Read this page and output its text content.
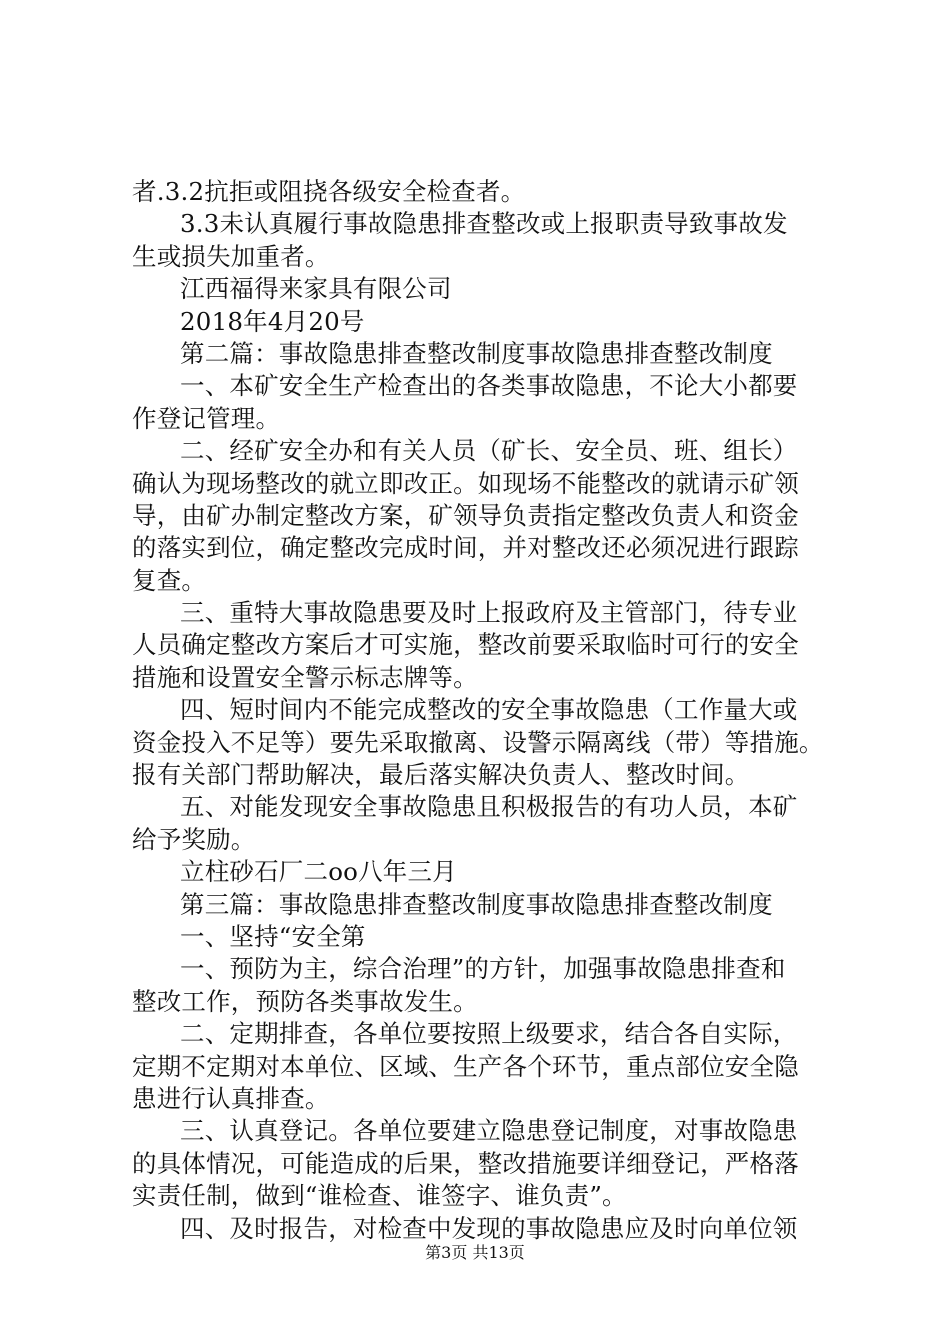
者.3.2抗拒或阻挠各级安全检查者。
3.3未认真履行事故隐患排查整改或上报职责导致事故发
生或损失加重者。
江西福得来家具有限公司
2018年4月20号
第二篇：事故隐患排查整改制度事故隐患排查整改制度
一、本矿安全生产检查出的各类事故隐患，不论大小都要
作登记管理。
二、经矿安全办和有关人员（矿长、安全员、班、组长）
确认为现场整改的就立即改正。如现场不能整改的就请示矿领
导，由矿办制定整改方案，矿领导负责指定整改负责人和资金
的落实到位，确定整改完成时间，并对整改还必须况进行跟踪
复查。
三、重特大事故隐患要及时上报政府及主管部门，待专业
人员确定整改方案后才可实施，整改前要采取临时可行的安全
措施和设置安全警示标志牌等。
四、短时间内不能完成整改的安全事故隐患（工作量大或
资金投入不足等）要先采取撤离、设警示隔离线（带）等措施。
报有关部门帮助解决，最后落实解决负责人、整改时间。
五、对能发现安全事故隐患且积极报告的有功人员，本矿
给予奖励。
立柱砂石厂二oo八年三月
第三篇：事故隐患排查整改制度事故隐患排查整改制度
一、坚持“安全第
一、预防为主，综合治理”的方针，加强事故隐患排查和
整改工作，预防各类事故发生。
二、定期排查，各单位要按照上级要求，结合各自实际，
定期不定期对本单位、区域、生产各个环节，重点部位安全隐
患进行认真排查。
三、认真登记。各单位要建立隐患登记制度，对事故隐患
的具体情况，可能造成的后果，整改措施要详细登记，严格落
实责任制，做到“谁检查、谁签字、谁负责”。
四、及时报告，对检查中发现的事故隐患应及时向单位领
第3页 共13页
